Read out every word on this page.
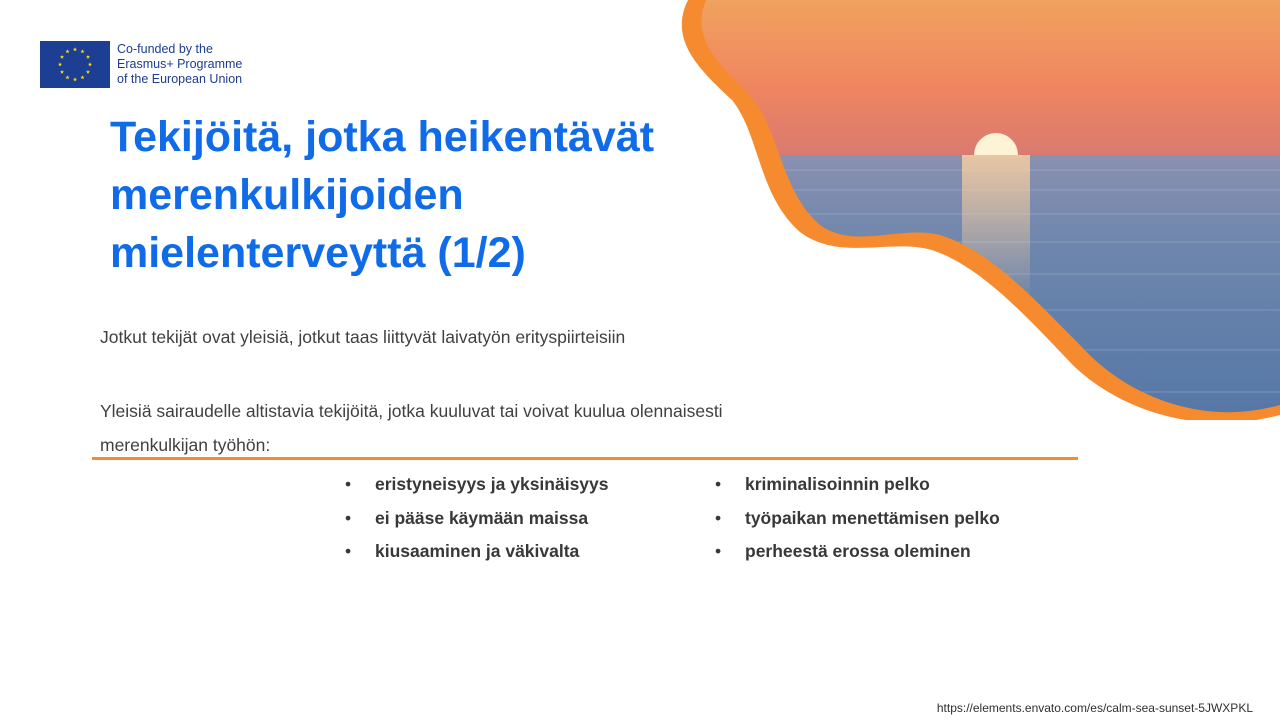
Co-funded by the
Erasmus+ Programme
of the European Union
Tekijöitä, jotka heikentävät
merenkulkijoiden
mielenterveyttä (1/2)
Jotkut tekijät ovat yleisiä, jotkut taas liittyvät laivatyön erityspiirteisiin
Yleisiä sairaudelle altistavia tekijöitä, jotka kuuluvat tai voivat kuulua olennaisesti merenkulkijan työhön:
• eristyneisyys ja yksinäisyys
• ei pääse käymään maissa
• kiusaaminen ja väkivalta
• kriminalisoinnin pelko
• työpaikan menettämisen pelko
• perheestä erossa oleminen
https://elements.envato.com/es/calm-sea-sunset-5JWXPKL
